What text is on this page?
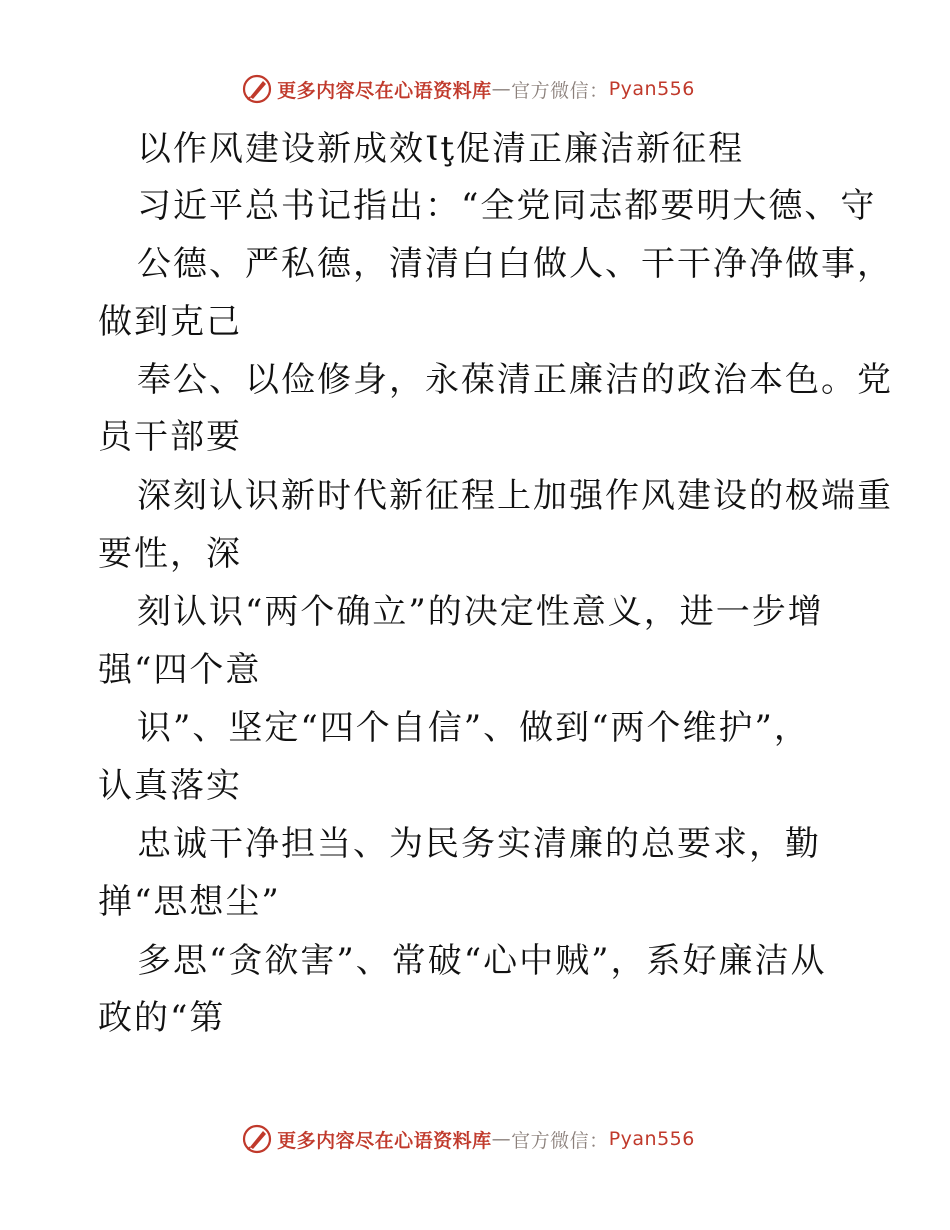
更多内容尽在心语资料库 — 官方微信： Pyan556
以作风建设新成效Ɩţ促清正廉洁新征程
习近平总书记指出：“全党同志都要明大德、守
公德、严私德，清清白白做人、干干净净做事，
做到克己
奉公、以俭修身，永葆清正廉洁的政治本色。党
员干部要
深刻认识新时代新征程上加强作风建设的极端重
要性，深
刻认识“两个确立”的决定性意义，进一步增
强“四个意
识”、坚定“四个自信”、做到“两个维护”，
认真落实
忠诚干净担当、为民务实清廉的总要求，勤
掸“思想尘”
多思“贪欲害”、常破“心中贼”，系好廉洁从
政的“第
更多内容尽在心语资料库 — 官方微信： Pyan556
